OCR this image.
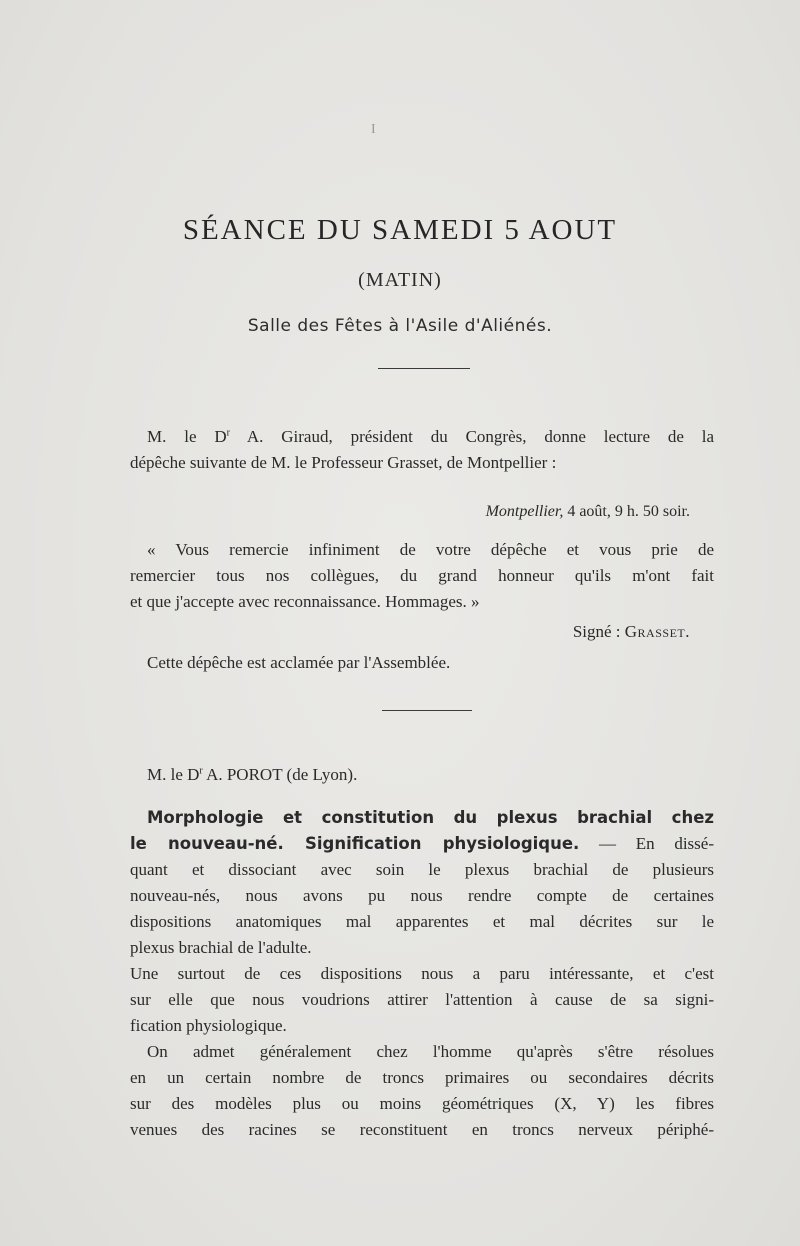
I
SÉANCE DU SAMEDI 5 AOUT
(MATIN)
Salle des Fêtes à l'Asile d'Aliénés.
M. le $D^r$ A. Giraud, président du Congrès, donne lecture de la
dépêche suivante de M. le Professeur Grasset, de Montpellier :
Montpellier, 4 août, 9 h. 50 soir.
« Vous remercie infiniment de votre dépêche et vous prie de
remercier tous nos collègues, du grand honneur qu'ils m'ont fait
et que j'accepte avec reconnaissance. Hommages. »
Signé : Grasset.
Cette dépêche est acclamée par l'Assemblée.
M. le $D^r$ A. POROT (de Lyon).
Morphologie et constitution du plexus brachial chez
le nouveau-né. Signification physiologique. — En dissé-
quant et dissociant avec soin le plexus brachial de plusieurs
nouveau-nés, nous avons pu nous rendre compte de certaines
dispositions anatomiques mal apparentes et mal décrites sur le
plexus brachial de l'adulte.
Une surtout de ces dispositions nous a paru intéressante, et c'est
sur elle que nous voudrions attirer l'attention à cause de sa signi-
fication physiologique.
On admet généralement chez l'homme qu'après s'être résolues
en un certain nombre de troncs primaires ou secondaires décrits
sur des modèles plus ou moins géométriques (X, Y) les fibres
venues des racines se reconstituent en troncs nerveux périphé-
